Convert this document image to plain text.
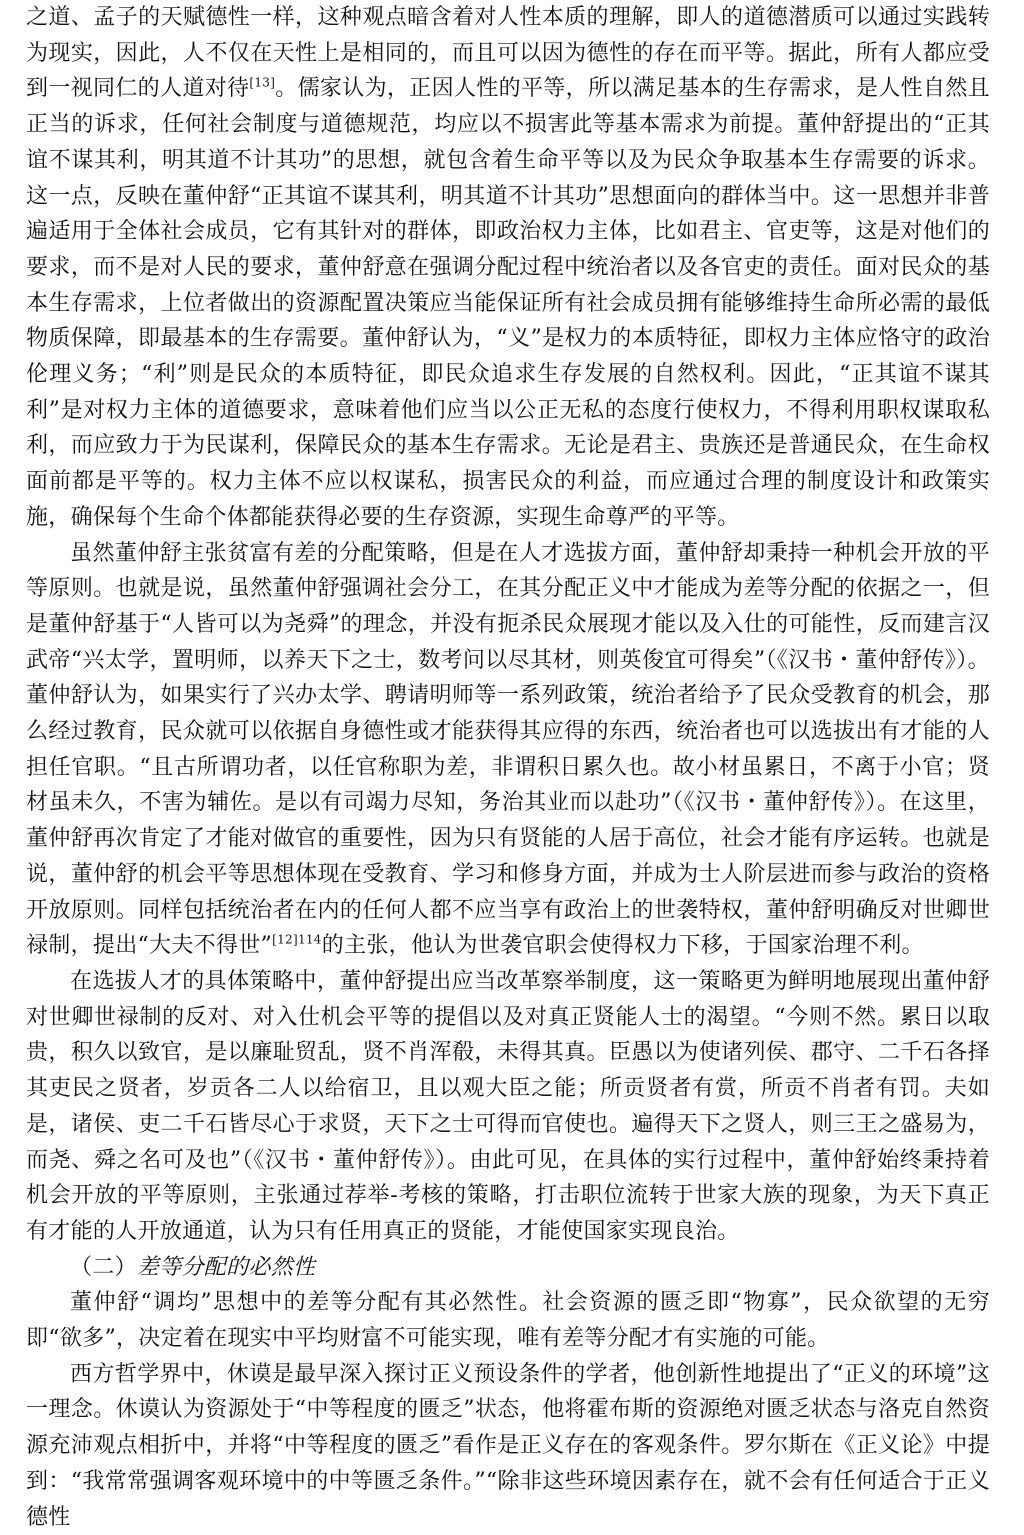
之道、孟子的天赋德性一样，这种观点暗含着对人性本质的理解，即人的道德潜质可以通过实践转为现实，因此，人不仅在天性上是相同的，而且可以因为德性的存在而平等。据此，所有人都应受到一视同仁的人道对待[13]。儒家认为，正因人性的平等，所以满足基本的生存需求，是人性自然且正当的诉求，任何社会制度与道德规范，均应以不损害此等基本需求为前提。董仲舒提出的“正其谊不谋其利，明其道不计其功”的思想，就包含着生命平等以及为民众争取基本生存需要的诉求。这一点，反映在董仲舒“正其谊不谋其利，明其道不计其功”思想面向的群体当中。这一思想并非普遍适用于全体社会成员，它有其针对的群体，即政治权力主体，比如君主、官吏等，这是对他们的要求，而不是对人民的要求，董仲舒意在强调分配过程中统治者以及各官吏的责任。面对民众的基本生存需求，上位者做出的资源配置决策应当能保证所有社会成员拥有能够维持生命所必需的最低物质保障，即最基本的生存需要。董仲舒认为，“义”是权力的本质特征，即权力主体应恪守的政治伦理义务；“利”则是民众的本质特征，即民众追求生存发展的自然权利。因此，“正其谊不谋其利”是对权力主体的道德要求，意味着他们应当以公正无私的态度行使权力，不得利用职权谋取私利，而应致力于为民谋利，保障民众的基本生存需求。无论是君主、贵族还是普通民众，在生命权面前都是平等的。权力主体不应以权谋私，损害民众的利益，而应通过合理的制度设计和政策实施，确保每个生命个体都能获得必要的生存资源，实现生命尊严的平等。

虽然董仲舒主张贫富有差的分配策略，但是在人才选拔方面，董仲舒却秉持一种机会开放的平等原则。也就是说，虽然董仲舒强调社会分工，在其分配正义中才能成为差等分配的依据之一，但是董仲舒基于“人皆可以为尧舜”的理念，并没有扼杀民众展现才能以及入仕的可能性，反而建言汉武帝“兴太学，置明师，以养天下之士，数考问以尽其材，则英俊宜可得矣”（《汉书・董仲舒传》）。董仲舒认为，如果实行了兴办太学、聘请明师等一系列政策，统治者给予了民众受教育的机会，那么经过教育，民众就可以依据自身德性或才能获得其应得的东西，统治者也可以选拔出有才能的人担任官职。“且古所谓功者，以任官称职为差，非谓积日累久也。故小材虽累日，不离于小官；贤材虽未久，不害为辅佐。是以有司竭力尽知，务治其业而以赴功”（《汉书・董仲舒传》）。在这里，董仲舒再次肯定了才能对做官的重要性，因为只有贤能的人居于高位，社会才能有序运转。也就是说，董仲舒的机会平等思想体现在受教育、学习和修身方面，并成为士人阶层进而参与政治的资格开放原则。同样包括统治者在内的任何人都不应当享有政治上的世袭特权，董仲舒明确反对世卿世禄制，提出“大夫不得世”$^{[12]114}$的主张，他认为世袭官职会使得权力下移，于国家治理不利。

在选拔人才的具体策略中，董仲舒提出应当改革察举制度，这一策略更为鲜明地展现出董仲舒对世卿世禄制的反对、对入仕机会平等的提倡以及对真正贤能人士的渴望。“今则不然。累日以取贵，积久以致官，是以廉耻贸乱，贤不肖浑殽，未得其真。臣愚以为使诸列侯、郡守、二千石各择其吏民之贤者，岁贡各二人以给宿卫，且以观大臣之能；所贡贤者有赏，所贡不肖者有罚。夫如是，诸侯、吏二千石皆尽心于求贤，天下之士可得而官使也。遍得天下之贤人，则三王之盛易为，而尧、舜之名可及也”（《汉书・董仲舒传》）。由此可见，在具体的实行过程中，董仲舒始终秉持着机会开放的平等原则，主张通过荐举-考核的策略，打击职位流转于世家大族的现象，为天下真正有才能的人开放通道，认为只有任用真正的贤能，才能使国家实现良治。

（二）差等分配的必然性

董仲舒“调均”思想中的差等分配有其必然性。社会资源的匮乏即“物寡”，民众欲望的无穷即“欲多”，决定着在现实中平均财富不可能实现，唯有差等分配才有实施的可能。

西方哲学界中，休谟是最早深入探讨正义预设条件的学者，他创新性地提出了“正义的环境”这一理念。休谟认为资源处于“中等程度的匮乏”状态，他将霍布斯的资源绝对匮乏状态与洛克自然资源充沛观点相折中，并将“中等程度的匮乏”看作是正义存在的客观条件。罗尔斯在《正义论》中提到：“我常常强调客观环境中的中等匮乏条件。”“除非这些环境因素存在，就不会有任何适合于正义德性
